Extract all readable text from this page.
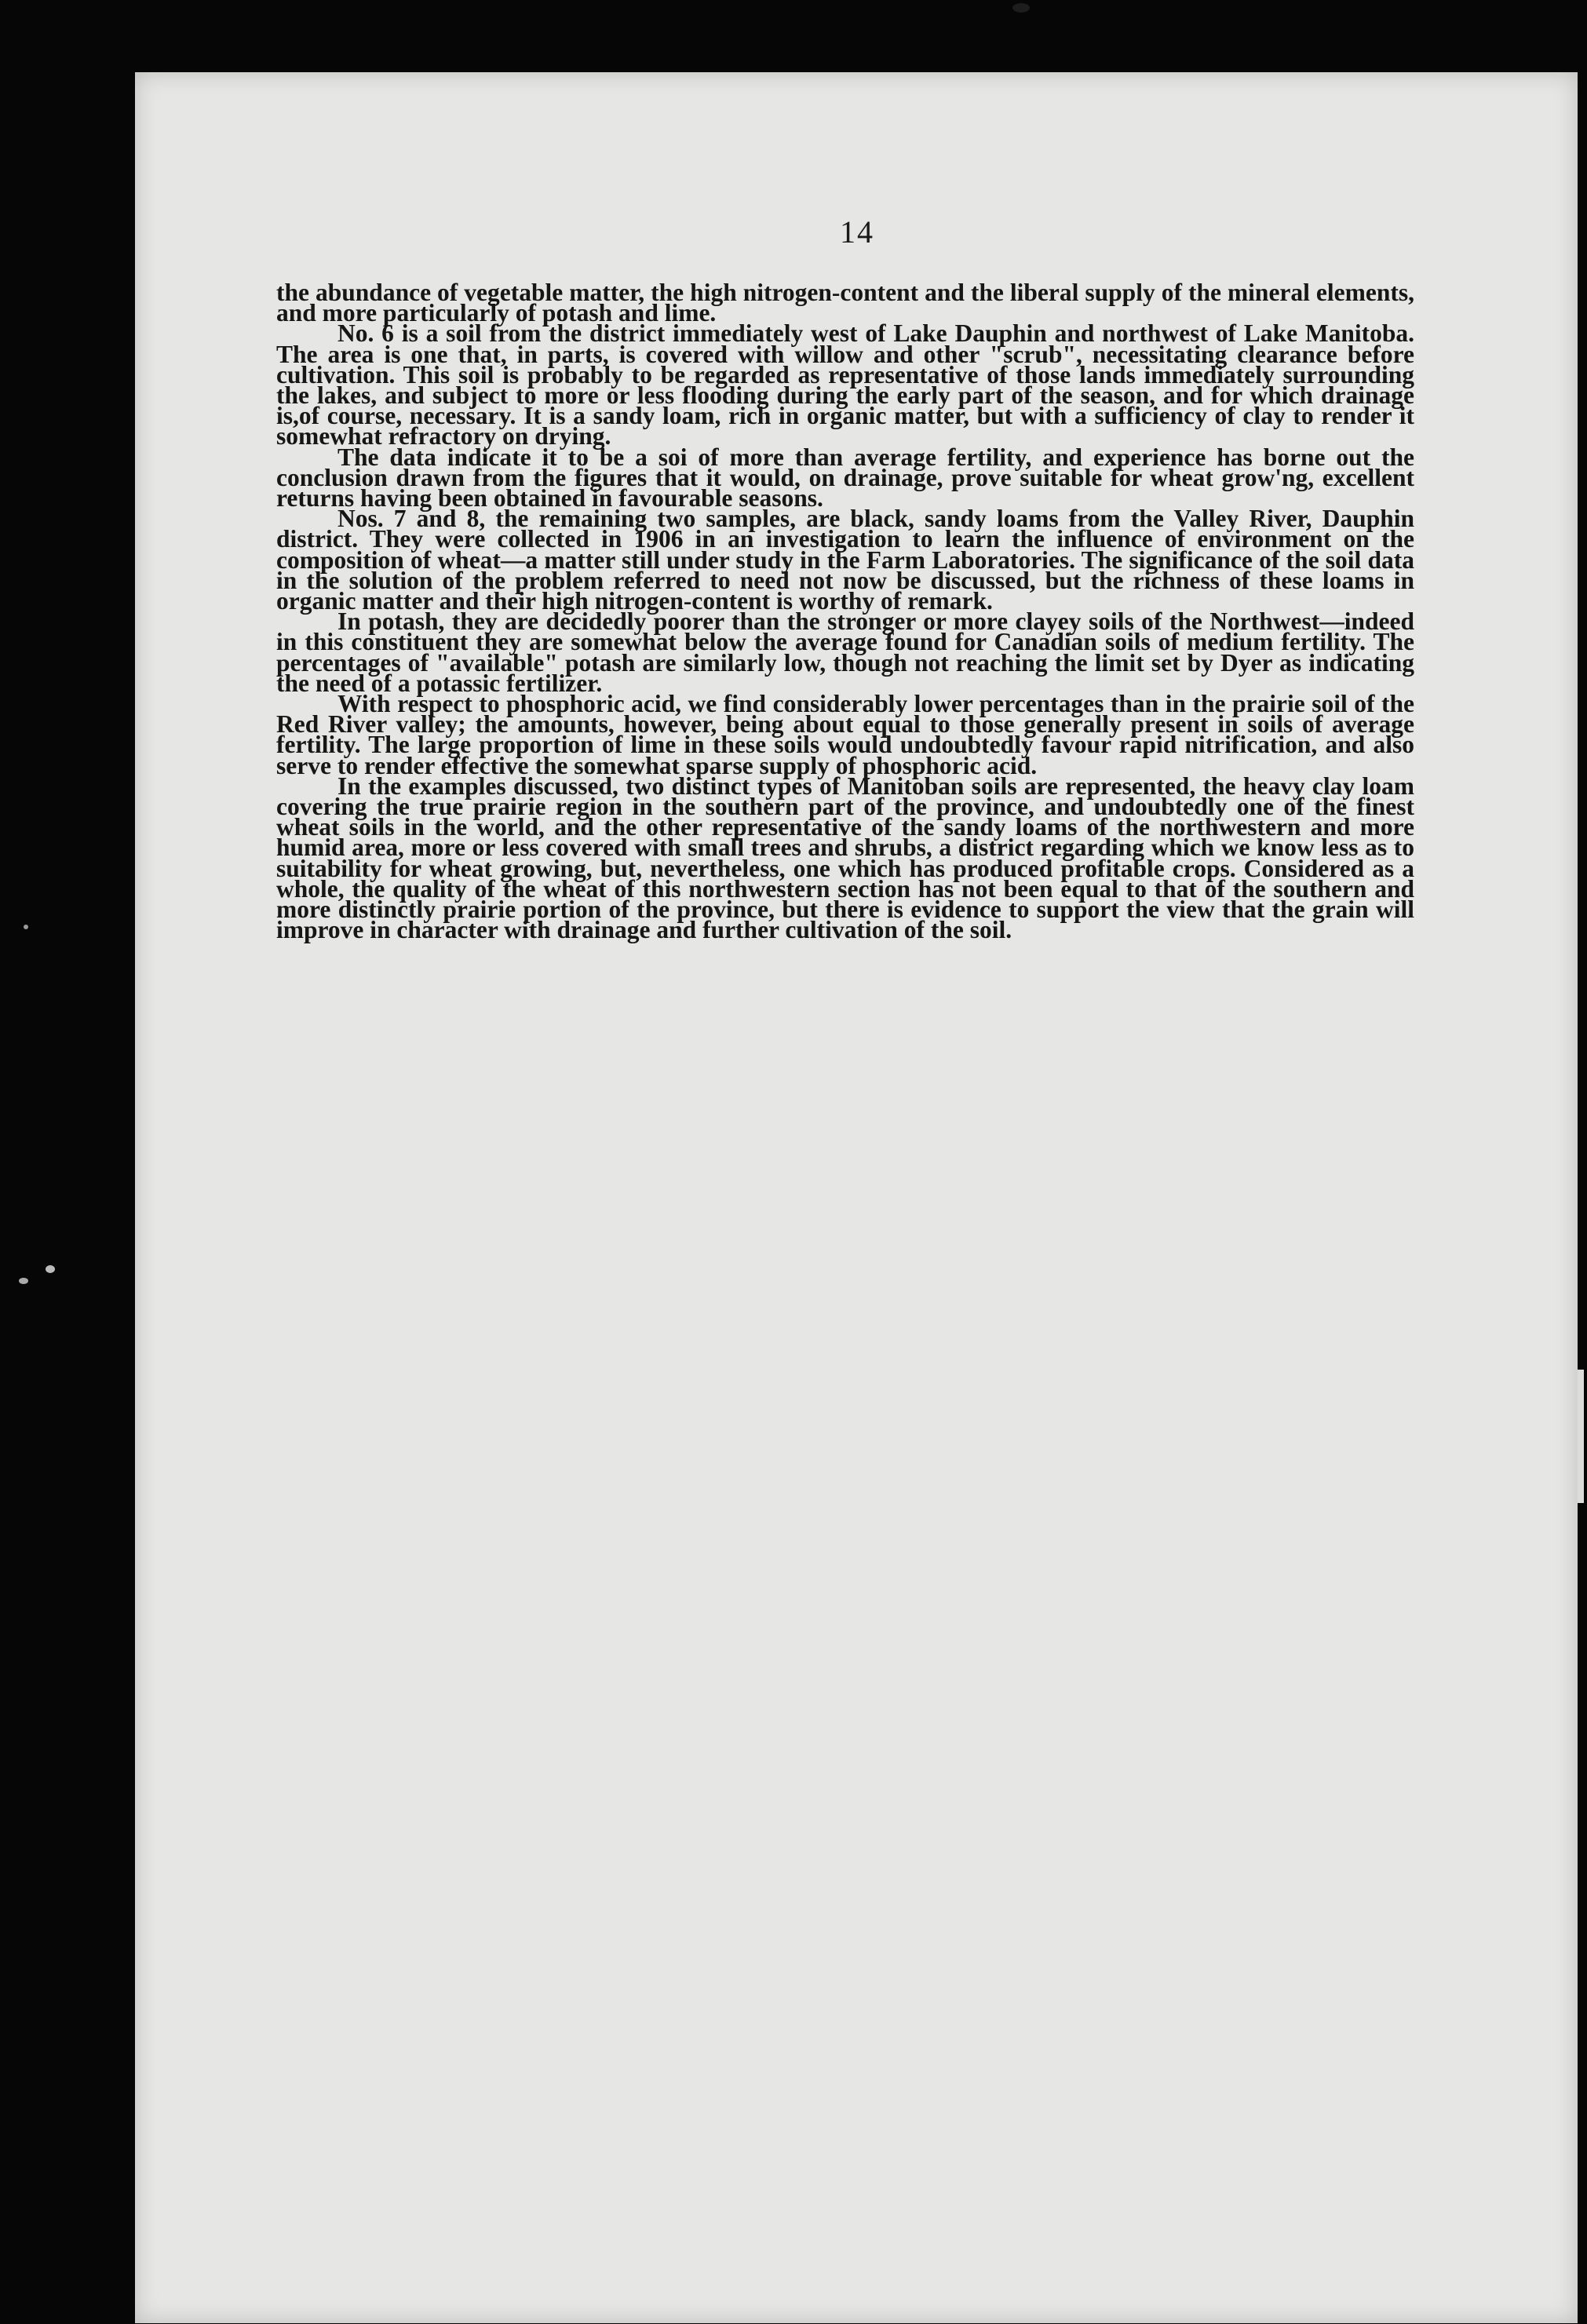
14

the abundance of vegetable matter, the high nitrogen-content and the liberal supply of the mineral elements, and more particularly of potash and lime.

No. 6 is a soil from the district immediately west of Lake Dauphin and northwest of Lake Manitoba. The area is one that, in parts, is covered with willow and other "scrub", necessitating clearance before cultivation. This soil is probably to be regarded as representative of those lands immediately surrounding the lakes, and subject to more or less flooding during the early part of the season, and for which drainage is,of course, necessary. It is a sandy loam, rich in organic matter, but with a sufficiency of clay to render it somewhat refractory on drying.

The data indicate it to be a soi of more than average fertility, and experience has borne out the conclusion drawn from the figures that it would, on drainage, prove suitable for wheat grow'ng, excellent returns having been obtained in favourable seasons.

Nos. 7 and 8, the remaining two samples, are black, sandy loams from the Valley River, Dauphin district. They were collected in 1906 in an investigation to learn the influence of environment on the composition of wheat—a matter still under study in the Farm Laboratories. The significance of the soil data in the solution of the problem referred to need not now be discussed, but the richness of these loams in organic matter and their high nitrogen-content is worthy of remark.

In potash, they are decidedly poorer than the stronger or more clayey soils of the Northwest—indeed in this constituent they are somewhat below the average found for Canadian soils of medium fertility. The percentages of "available" potash are similarly low, though not reaching the limit set by Dyer as indicating the need of a potassic fertilizer.

With respect to phosphoric acid, we find considerably lower percentages than in the prairie soil of the Red River valley; the amounts, however, being about equal to those generally present in soils of average fertility. The large proportion of lime in these soils would undoubtedly favour rapid nitrification, and also serve to render effective the somewhat sparse supply of phosphoric acid.

In the examples discussed, two distinct types of Manitoban soils are represented, the heavy clay loam covering the true prairie region in the southern part of the province, and undoubtedly one of the finest wheat soils in the world, and the other representative of the sandy loams of the northwestern and more humid area, more or less covered with small trees and shrubs, a district regarding which we know less as to suitability for wheat growing, but, nevertheless, one which has produced profitable crops. Considered as a whole, the quality of the wheat of this northwestern section has not been equal to that of the southern and more distinctly prairie portion of the province, but there is evidence to support the view that the grain will improve in character with drainage and further cultivation of the soil.
